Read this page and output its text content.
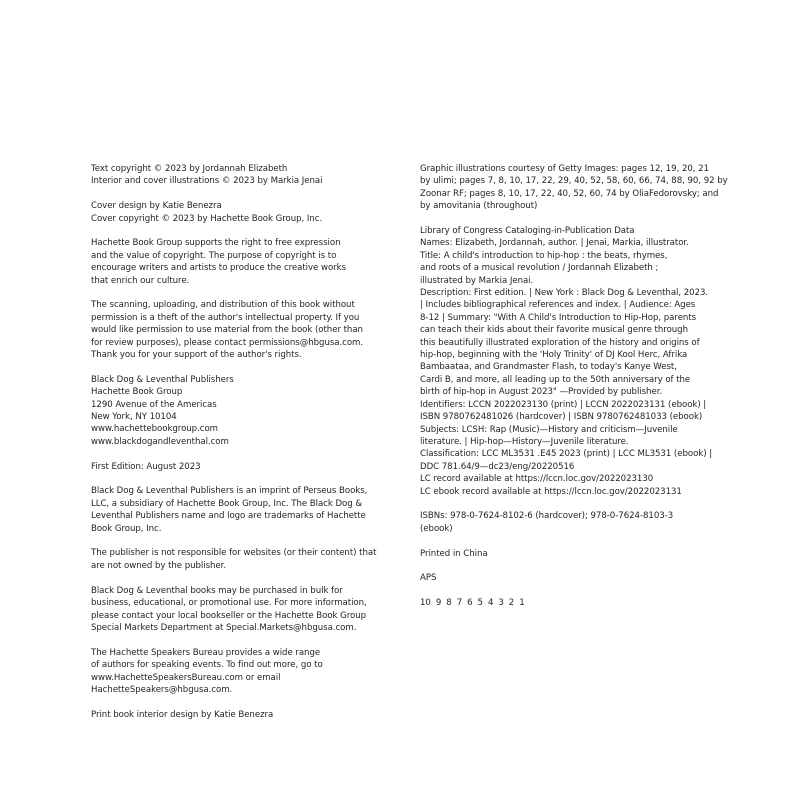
Text copyright © 2023 by Jordannah Elizabeth
Interior and cover illustrations © 2023 by Markia Jenai
Cover design by Katie Benezra
Cover copyright © 2023 by Hachette Book Group, Inc.
Hachette Book Group supports the right to free expression
and the value of copyright. The purpose of copyright is to
encourage writers and artists to produce the creative works
that enrich our culture.
The scanning, uploading, and distribution of this book without
permission is a theft of the author's intellectual property. If you
would like permission to use material from the book (other than
for review purposes), please contact permissions@hbgusa.com.
Thank you for your support of the author's rights.
Black Dog & Leventhal Publishers
Hachette Book Group
1290 Avenue of the Americas
New York, NY 10104
www.hachettebookgroup.com
www.blackdogandleventhal.com
First Edition: August 2023
Black Dog & Leventhal Publishers is an imprint of Perseus Books,
LLC, a subsidiary of Hachette Book Group, Inc. The Black Dog &
Leventhal Publishers name and logo are trademarks of Hachette
Book Group, Inc.
The publisher is not responsible for websites (or their content) that
are not owned by the publisher.
Black Dog & Leventhal books may be purchased in bulk for
business, educational, or promotional use. For more information,
please contact your local bookseller or the Hachette Book Group
Special Markets Department at Special.Markets@hbgusa.com.
The Hachette Speakers Bureau provides a wide range
of authors for speaking events. To find out more, go to
www.HachetteSpeakersBureau.com or email
HachetteSpeakers@hbgusa.com.
Print book interior design by Katie Benezra
Graphic illustrations courtesy of Getty Images: pages 12, 19, 20, 21
by ulimi; pages 7, 8, 10, 17, 22, 29, 40, 52, 58, 60, 66, 74, 88, 90, 92 by
Zoonar RF; pages 8, 10, 17, 22, 40, 52, 60, 74 by OliaFedorovsky; and
by amovitania (throughout)
Library of Congress Cataloging-in-Publication Data
Names: Elizabeth, Jordannah, author. | Jenai, Markia, illustrator.
Title: A child's introduction to hip-hop : the beats, rhymes,
and roots of a musical revolution / Jordannah Elizabeth ;
illustrated by Markia Jenai.
Description: First edition. | New York : Black Dog & Leventhal, 2023.
| Includes bibliographical references and index. | Audience: Ages
8-12 | Summary: "With A Child's Introduction to Hip-Hop, parents
can teach their kids about their favorite musical genre through
this beautifully illustrated exploration of the history and origins of
hip-hop, beginning with the 'Holy Trinity' of DJ Kool Herc, Afrika
Bambaataa, and Grandmaster Flash, to today's Kanye West,
Cardi B, and more, all leading up to the 50th anniversary of the
birth of hip-hop in August 2023" —Provided by publisher.
Identifiers: LCCN 2022023130 (print) | LCCN 2022023131 (ebook) |
ISBN 9780762481026 (hardcover) | ISBN 9780762481033 (ebook)
Subjects: LCSH: Rap (Music)—History and criticism—Juvenile
literature. | Hip-hop—History—Juvenile literature.
Classification: LCC ML3531 .E45 2023 (print) | LCC ML3531 (ebook) |
DDC 781.64/9—dc23/eng/20220516
LC record available at https://lccn.loc.gov/2022023130
LC ebook record available at https://lccn.loc.gov/2022023131
ISBNs: 978-0-7624-8102-6 (hardcover); 978-0-7624-8103-3
(ebook)
Printed in China
APS
10 9 8 7 6 5 4 3 2 1
